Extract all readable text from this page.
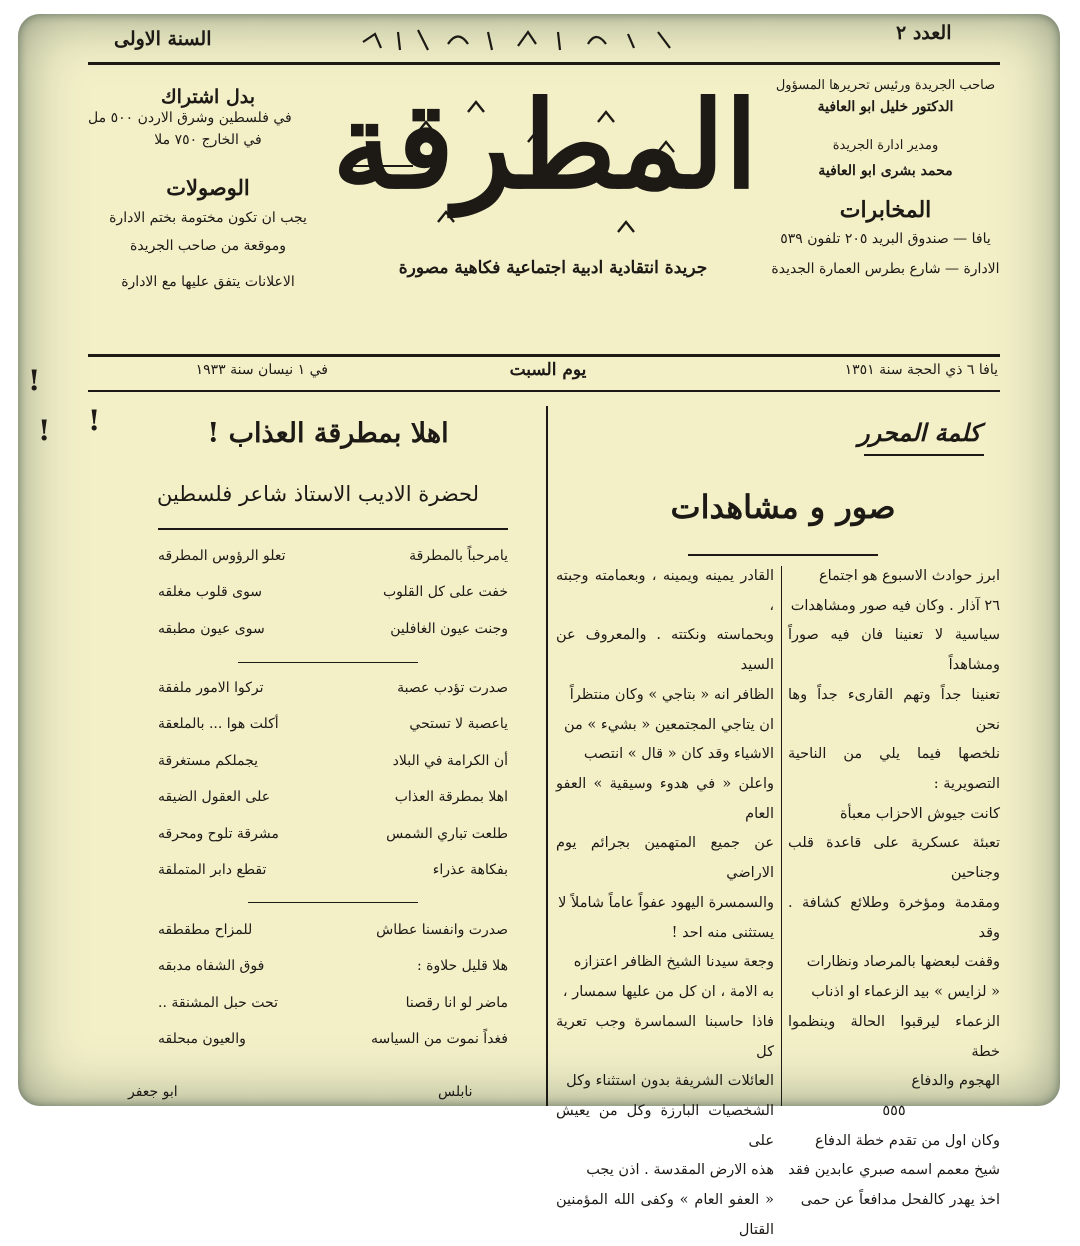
السنة الاولى	العدد ٢
بدل اشتراك
في فلسطين وشرق الاردن ٥٠٠ مل
في الخارج ٧٥٠ ملا
الوصولات
يجب ان تكون مختومة بختم الادارة
وموقعة من صاحب الجريدة
الاعلانات يتفق عليها مع الادارة
المطرقة
جريدة انتقادية ادبية اجتماعية فكاهية مصورة
صاحب الجريدة ورئيس تحريرها المسؤول
الدكتور خليل ابو العافية
ومدير ادارة الجريدة
محمد بشرى ابو العافية
المخابرات
يافا — صندوق البريد ٢٠٥ تلفون ٥٣٩
الادارة — شارع بطرس العمارة الجديدة
يافا ٦ ذي الحجة سنة ١٣٥١
يوم السبت
في ١ نيسان سنة ١٩٣٣
كلمة المحرر
صور و مشاهدات
ابرز حوادث الاسبوع هو اجتماع
٢٦ آذار . وكان فيه صور ومشاهدات
سياسية لا تعنينا فان فيه صوراً ومشاهداً
تعنينا جداً وتهم القارىء جداً وها نحن
نلخصها فيما يلي من الناحية التصويرية :
كانت جيوش الاحزاب معبأة
تعبئة عسكرية على قاعدة قلب وجناحين
ومقدمة ومؤخرة وطلائع كشافة . وقد
وقفت لبعضها بالمرصاد ونظارات
« لزايس » بيد الزعماء او اذناب
الزعماء ليرقبوا الحالة وينظموا خطة
الهجوم والدفاع
٥٥٥
وكان اول من تقدم خطة الدفاع
شيخ معمم اسمه صبري عابدين فقد
اخذ يهدر كالفحل مدافعاً عن حمى
القادر يمينه ويمينه ، وبعمامته وجبته ،
وبحماسته ونكتته . والمعروف عن السيد
الظافر انه « بتاجي » وكان منتظراً
ان يتاجي المجتمعين « بشيء » من
الاشياء وقد كان « قال » انتصب
واعلن « في هدوء وسيقية » العفو العام
عن جميع المتهمين بجرائم يوم الاراضي
والسمسرة اليهود عفواً عاماً شاملاً لا
يستثنى منه احد !
وجعة سيدنا الشيخ الظافر اعتزازه
به الامة ، ان كل من عليها سمسار ،
فاذا حاسبنا السماسرة وجب تعرية كل
العائلات الشريفة بدون استثناء وكل
الشخصيات البارزة وكل من يعيش على
هذه الارض المقدسة . اذن يجب
« العفو العام » وكفى الله المؤمنين القتال
اهلا بمطرقة العذاب !
لحضرة الاديب الاستاذ شاعر فلسطين
يامرحباً بالمطرقة
تعلو الرؤوس المطرقه
خفت على كل القلوب
سوى قلوب مغلقه
وجنت عيون الغافلين
سوى عيون مطبقه
صدرت تؤدب عصبة
تركوا الامور ملفقة
ياعصبة لا تستحي
أكلت هوا ... بالملعقة
أن الكرامة في البلاد
يجملكم مستغرقة
اهلا بمطرقة العذاب
على العقول الضيقه
طلعت تباري الشمس
مشرقة تلوح ومحرقه
بفكاهة عذراء
تقطع دابر المتملقة
صدرت وانفسنا عطاش
للمزاح مطقطقه
هلا قليل حلاوة :
فوق الشفاه مدبقه
ماضر لو انا رقصنا
تحت حبل المشنقة ..
فغداً نموت من السياسه
والعيون مبحلقه
نابلس
ابو جعفر
!
! !
